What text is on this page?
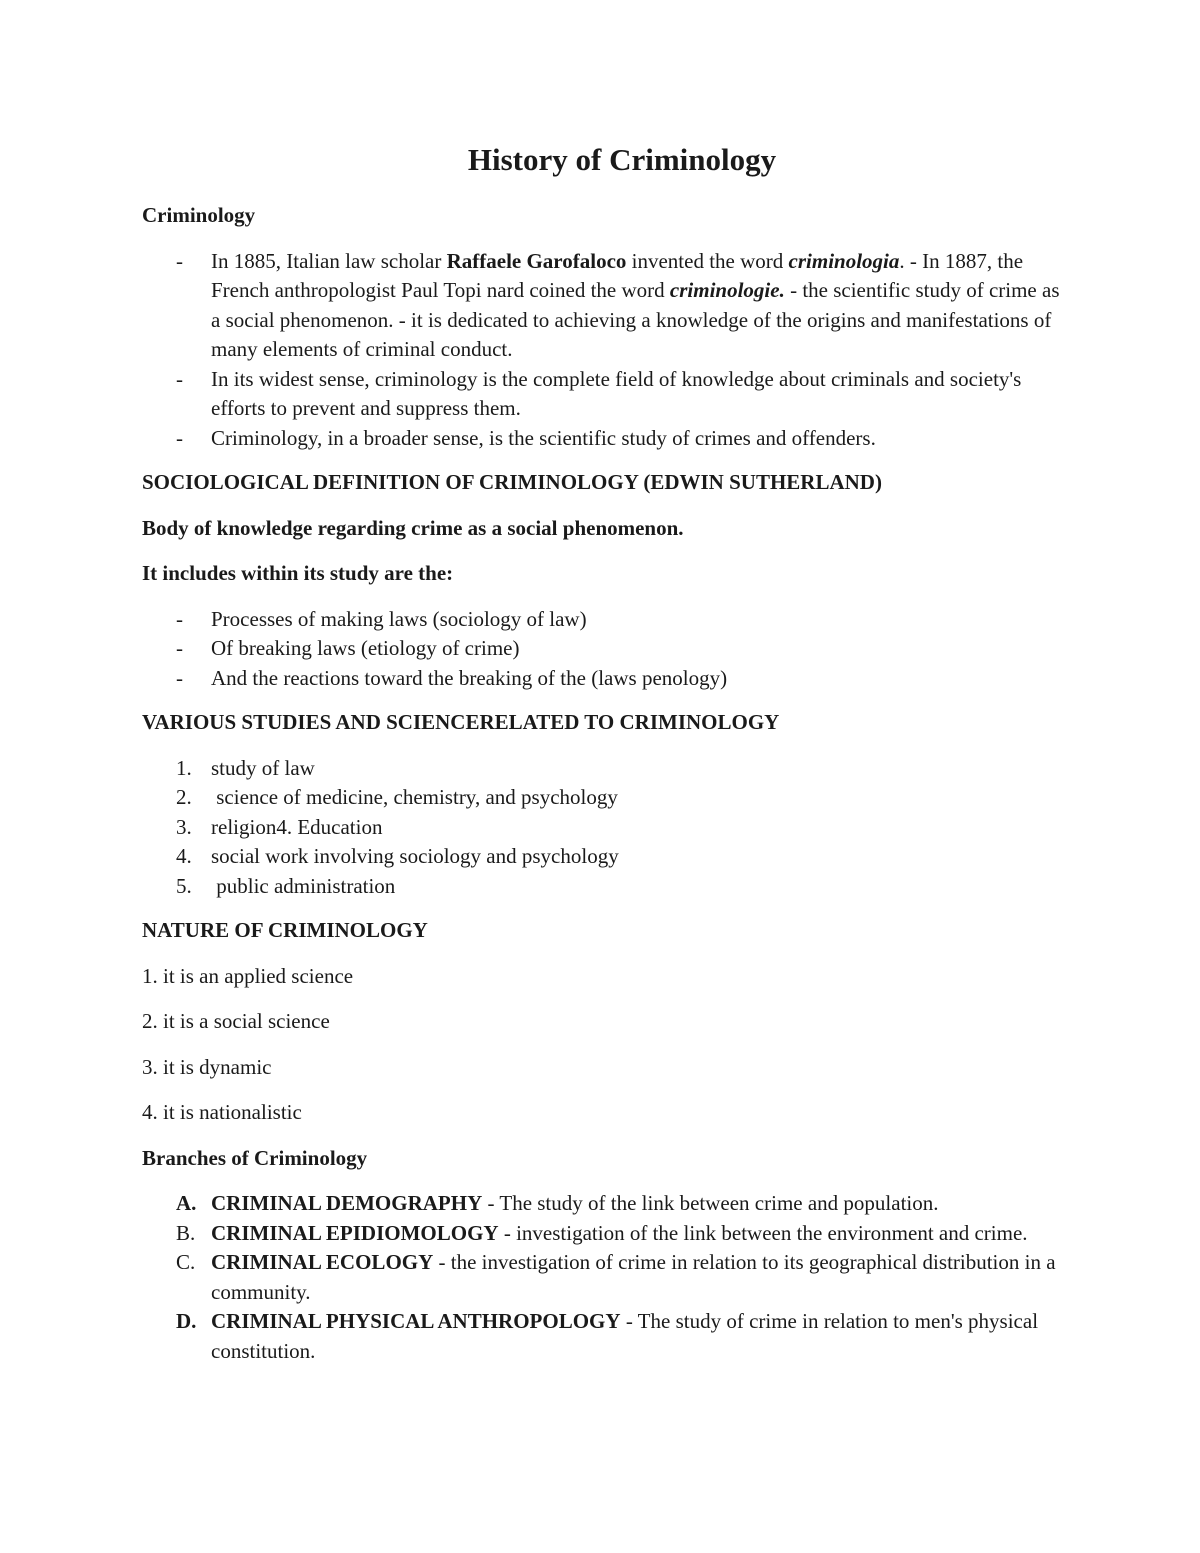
History of Criminology
Criminology
- In 1885, Italian law scholar Raffaele Garofaloco invented the word criminologia. - In 1887, the French anthropologist Paul Topi nard coined the word criminologie. - the scientific study of crime as a social phenomenon. - it is dedicated to achieving a knowledge of the origins and manifestations of many elements of criminal conduct.
- In its widest sense, criminology is the complete field of knowledge about criminals and society's efforts to prevent and suppress them.
- Criminology, in a broader sense, is the scientific study of crimes and offenders.
SOCIOLOGICAL DEFINITION OF CRIMINOLOGY (EDWIN SUTHERLAND)
Body of knowledge regarding crime as a social phenomenon.
It includes within its study are the:
- Processes of making laws (sociology of law)
- Of breaking laws (etiology of crime)
- And the reactions toward the breaking of the (laws penology)
VARIOUS STUDIES AND SCIENCERELATED TO CRIMINOLOGY
1. study of law
2. science of medicine, chemistry, and psychology
3. religion4. Education
4. social work involving sociology and psychology
5. public administration
NATURE OF CRIMINOLOGY
1. it is an applied science
2. it is a social science
3. it is dynamic
4. it is nationalistic
Branches of Criminology
A. CRIMINAL DEMOGRAPHY - The study of the link between crime and population.
B. CRIMINAL EPIDIOMOLOGY - investigation of the link between the environment and crime.
C. CRIMINAL ECOLOGY - the investigation of crime in relation to its geographical distribution in a community.
D. CRIMINAL PHYSICAL ANTHROPOLOGY - The study of crime in relation to men's physical constitution.
